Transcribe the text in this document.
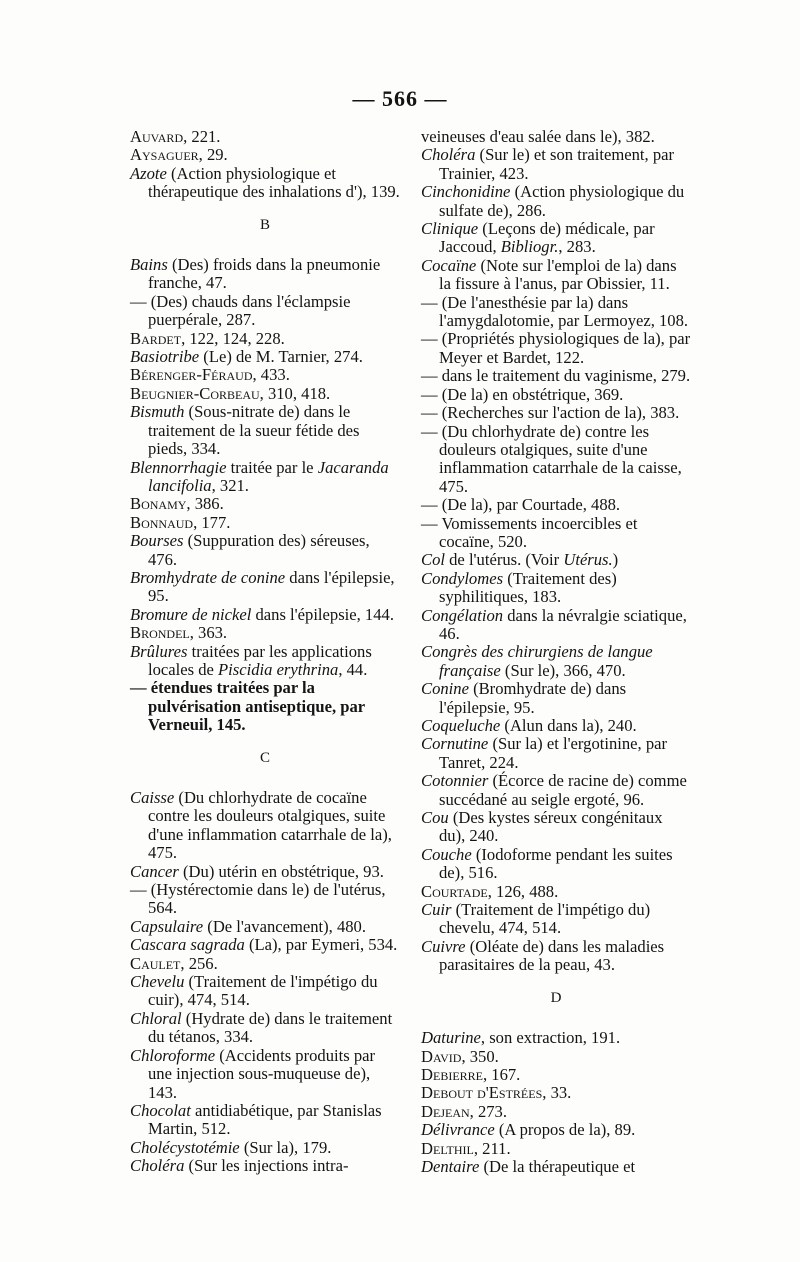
— 566 —

Auvard, 221.

Aysaguer, 29.

Azote (Action physiologique et thérapeutique des inhalations d'), 139.

B

Bains (Des) froids dans la pneumonie franche, 47.

— (Des) chauds dans l'éclampsie puerpérale, 287.

Bardet, 122, 124, 228.

Basiotribe (Le) de M. Tarnier, 274.

Bérenger-Féraud, 433.

Beugnier-Corbeau, 310, 418.

Bismuth (Sous-nitrate de) dans le traitement de la sueur fétide des pieds, 334.

Blennorrhagie traitée par le Jacaranda lancifolia, 321.

Bonamy, 386.

Bonnaud, 177.

Bourses (Suppuration des) séreuses, 476.

Bromhydrate de conine dans l'épilepsie, 95.

Bromure de nickel dans l'épilepsie, 144.

Brondel, 363.

Brûlures traitées par les applications locales de Piscidia erythrina, 44.

— étendues traitées par la pulvérisation antiseptique, par Verneuil, 145.

C

Caisse (Du chlorhydrate de cocaïne contre les douleurs otalgiques, suite d'une inflammation catarrhale de la), 475.

Cancer (Du) utérin en obstétrique, 93.

— (Hystérectomie dans le) de l'utérus, 564.

Capsulaire (De l'avancement), 480.

Cascara sagrada (La), par Eymeri, 534.

Caulet, 256.

Chevelu (Traitement de l'impétigo du cuir), 474, 514.

Chloral (Hydrate de) dans le traitement du tétanos, 334.

Chloroforme (Accidents produits par une injection sous-muqueuse de), 143.

Chocolat antidiabétique, par Stanislas Martin, 512.

Cholécystotémie (Sur la), 179.

Choléra (Sur les injections intra-

veineuses d'eau salée dans le), 382.

Choléra (Sur le) et son traitement, par Trainier, 423.

Cinchonidine (Action physiologique du sulfate de), 286.

Clinique (Leçons de) médicale, par Jaccoud, Bibliogr., 283.

Cocaïne (Note sur l'emploi de la) dans la fissure à l'anus, par Obissier, 11.

— (De l'anesthésie par la) dans l'amygdalotomie, par Lermoyez, 108.

— (Propriétés physiologiques de la), par Meyer et Bardet, 122.

— dans le traitement du vaginisme, 279.

— (De la) en obstétrique, 369.

— (Recherches sur l'action de la), 383.

— (Du chlorhydrate de) contre les douleurs otalgiques, suite d'une inflammation catarrhale de la caisse, 475.

— (De la), par Courtade, 488.

— Vomissements incoercibles et cocaïne, 520.

Col de l'utérus. (Voir Utérus.)

Condylomes (Traitement des) syphilitiques, 183.

Congélation dans la névralgie sciatique, 46.

Congrès des chirurgiens de langue française (Sur le), 366, 470.

Conine (Bromhydrate de) dans l'épilepsie, 95.

Coqueluche (Alun dans la), 240.

Cornutine (Sur la) et l'ergotinine, par Tanret, 224.

Cotonnier (Écorce de racine de) comme succédané au seigle ergoté, 96.

Cou (Des kystes séreux congénitaux du), 240.

Couche (Iodoforme pendant les suites de), 516.

Courtade, 126, 488.

Cuir (Traitement de l'impétigo du) chevelu, 474, 514.

Cuivre (Oléate de) dans les maladies parasitaires de la peau, 43.

D

Daturine, son extraction, 191.

David, 350.

Debierre, 167.

Debout d'Estrées, 33.

Dejean, 273.

Délivrance (A propos de la), 89.

Delthil, 211.

Dentaire (De la thérapeutique et
